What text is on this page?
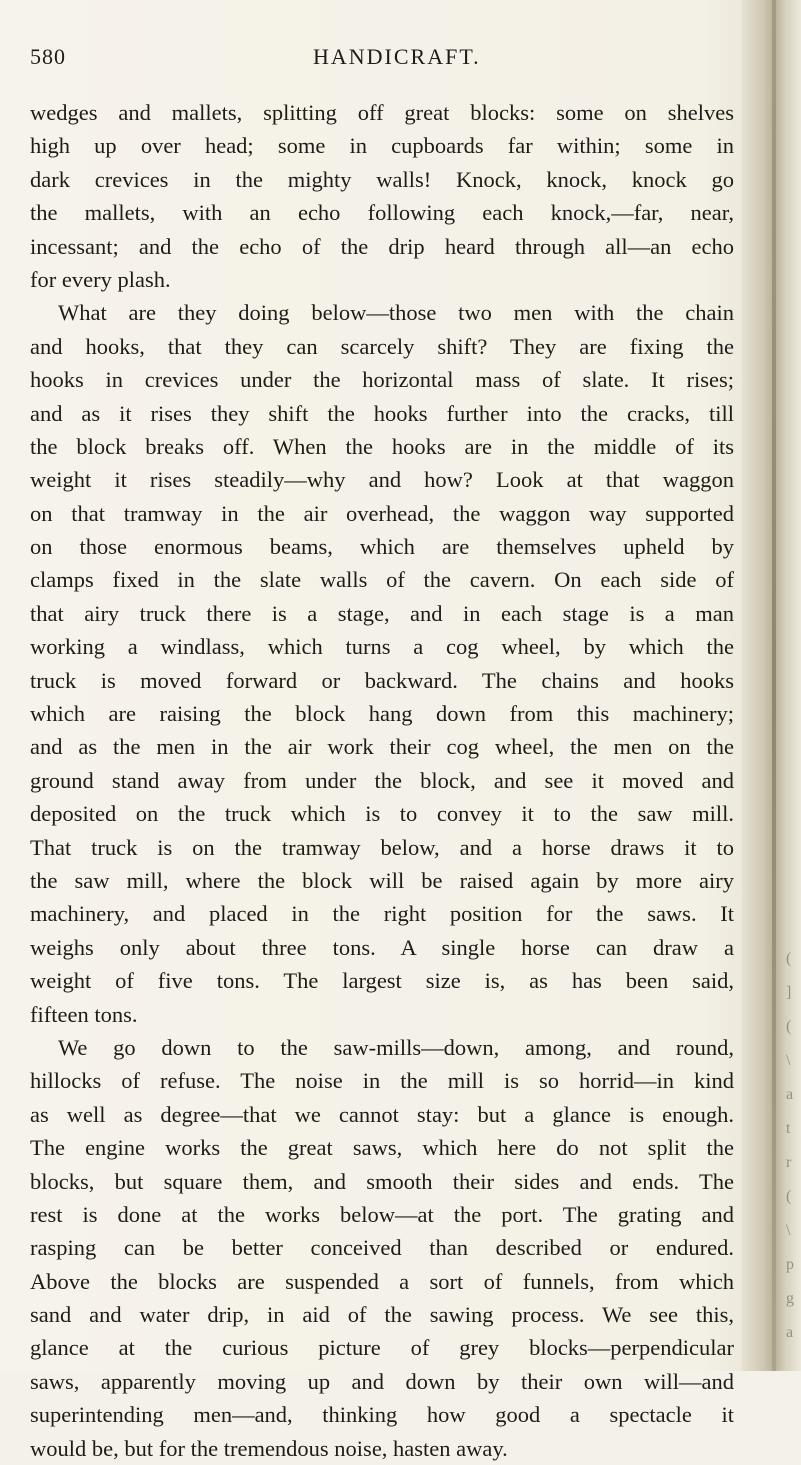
580	HANDICRAFT.
wedges and mallets, splitting off great blocks: some on shelves
high up over head; some in cupboards far within; some in
dark crevices in the mighty walls! Knock, knock, knock go
the mallets, with an echo following each knock,—far, near,
incessant; and the echo of the drip heard through all—an echo
for every plash.
What are they doing below—those two men with the chain
and hooks, that they can scarcely shift? They are fixing the
hooks in crevices under the horizontal mass of slate. It rises;
and as it rises they shift the hooks further into the cracks, till
the block breaks off. When the hooks are in the middle of its
weight it rises steadily—why and how? Look at that waggon
on that tramway in the air overhead, the waggon way supported
on those enormous beams, which are themselves upheld by
clamps fixed in the slate walls of the cavern. On each side of
that airy truck there is a stage, and in each stage is a man
working a windlass, which turns a cog wheel, by which the
truck is moved forward or backward. The chains and hooks
which are raising the block hang down from this machinery;
and as the men in the air work their cog wheel, the men on the
ground stand away from under the block, and see it moved and
deposited on the truck which is to convey it to the saw mill.
That truck is on the tramway below, and a horse draws it to
the saw mill, where the block will be raised again by more airy
machinery, and placed in the right position for the saws. It
weighs only about three tons. A single horse can draw a
weight of five tons. The largest size is, as has been said,
fifteen tons.
We go down to the saw-mills—down, among, and round,
hillocks of refuse. The noise in the mill is so horrid—in kind
as well as degree—that we cannot stay: but a glance is enough.
The engine works the great saws, which here do not split the
blocks, but square them, and smooth their sides and ends. The
rest is done at the works below—at the port. The grating and
rasping can be better conceived than described or endured.
Above the blocks are suspended a sort of funnels, from which
sand and water drip, in aid of the sawing process. We see this,
glance at the curious picture of grey blocks—perpendicular
saws, apparently moving up and down by their own will—and
superintending men—and, thinking how good a spectacle it
would be, but for the tremendous noise, hasten away.
(
]
(
\
a
t
r
(
\
p
g
a
